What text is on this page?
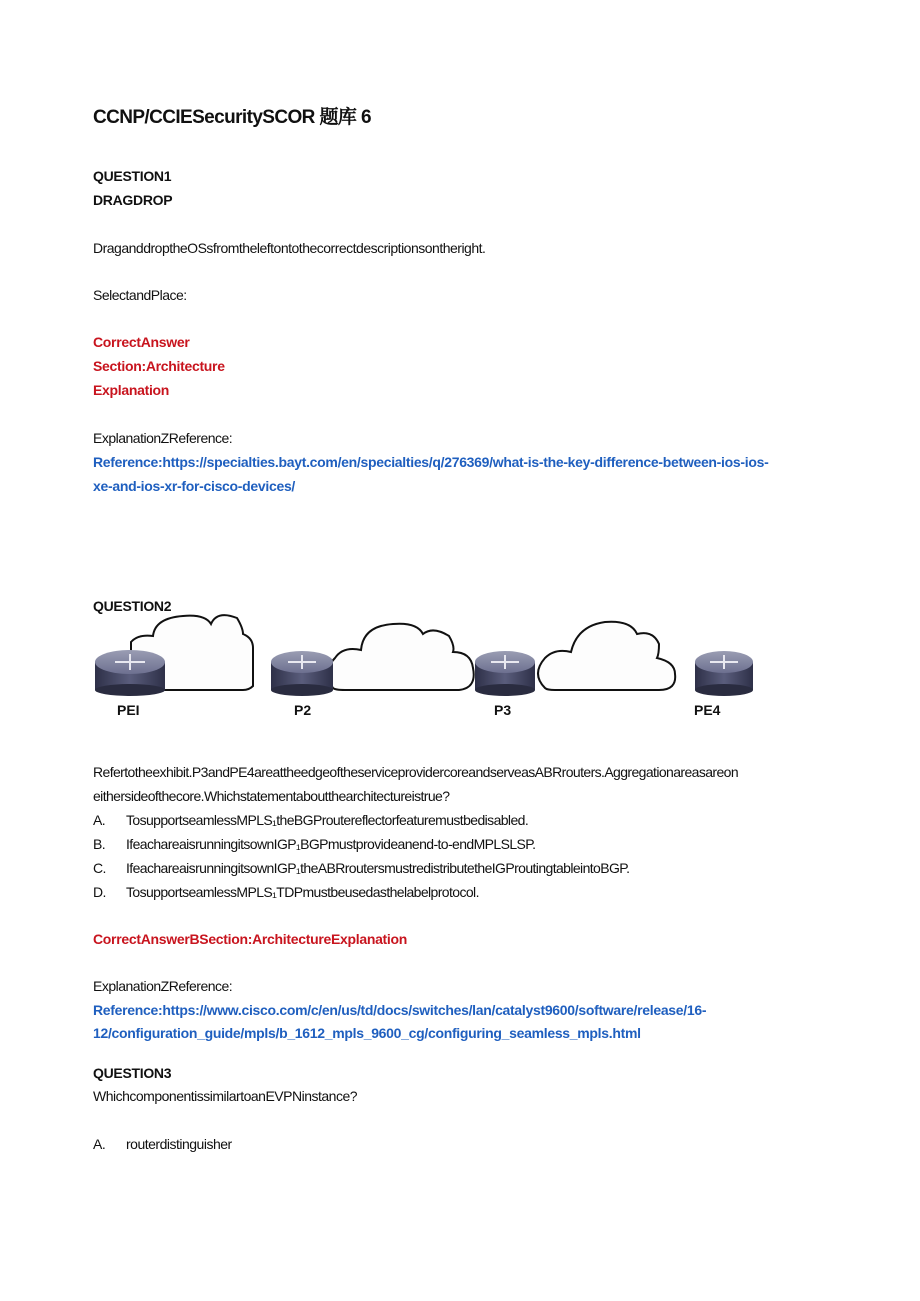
CCNP/CCIESecuritySCOR 题库 6
QUESTION1
DRAGDROP
DraganddroptheOSsfromtheleftontothecorrectdescriptionsontheright.
SelectandPlace:
CorrectAnswer
Section:Architecture
Explanation
ExplanationZReference:
Reference:https://specialties.bayt.com/en/specialties/q/276369/what-is-the-key-difference-between-ios-ios-
xe-and-ios-xr-for-cisco-devices/
QUESTION2
PEI	P2	P3	PE4
Refertotheexhibit.P3andPE4areattheedgeoftheserviceprovidercoreandserveasABRrouters.Aggregationareasareon
eithersideofthecore.Whichstatementaboutthearchitectureistrue?
A. TosupportseamlessMPLS₁theBGProutereflectorfeaturemustbedisabled.
B. IfeachareaisrunningitsownIGP₁BGPmustprovideanend-to-endMPLSLSP.
C. IfeachareaisrunningitsownIGP₁theABRroutersmustredistributetheIGProutingtableintoBGP.
D. TosupportseamlessMPLS₁TDPmustbeusedasthelabelprotocol.
CorrectAnswerBSection:ArchitectureExplanation
ExplanationZReference:
Reference:https://www.cisco.com/c/en/us/td/docs/switches/lan/catalyst9600/software/release/16-
12/configuration_guide/mpls/b_1612_mpls_9600_cg/configuring_seamless_mpls.html
QUESTION3
WhichcomponentissimilartoanEVPNinstance?
A. routerdistinguisher
